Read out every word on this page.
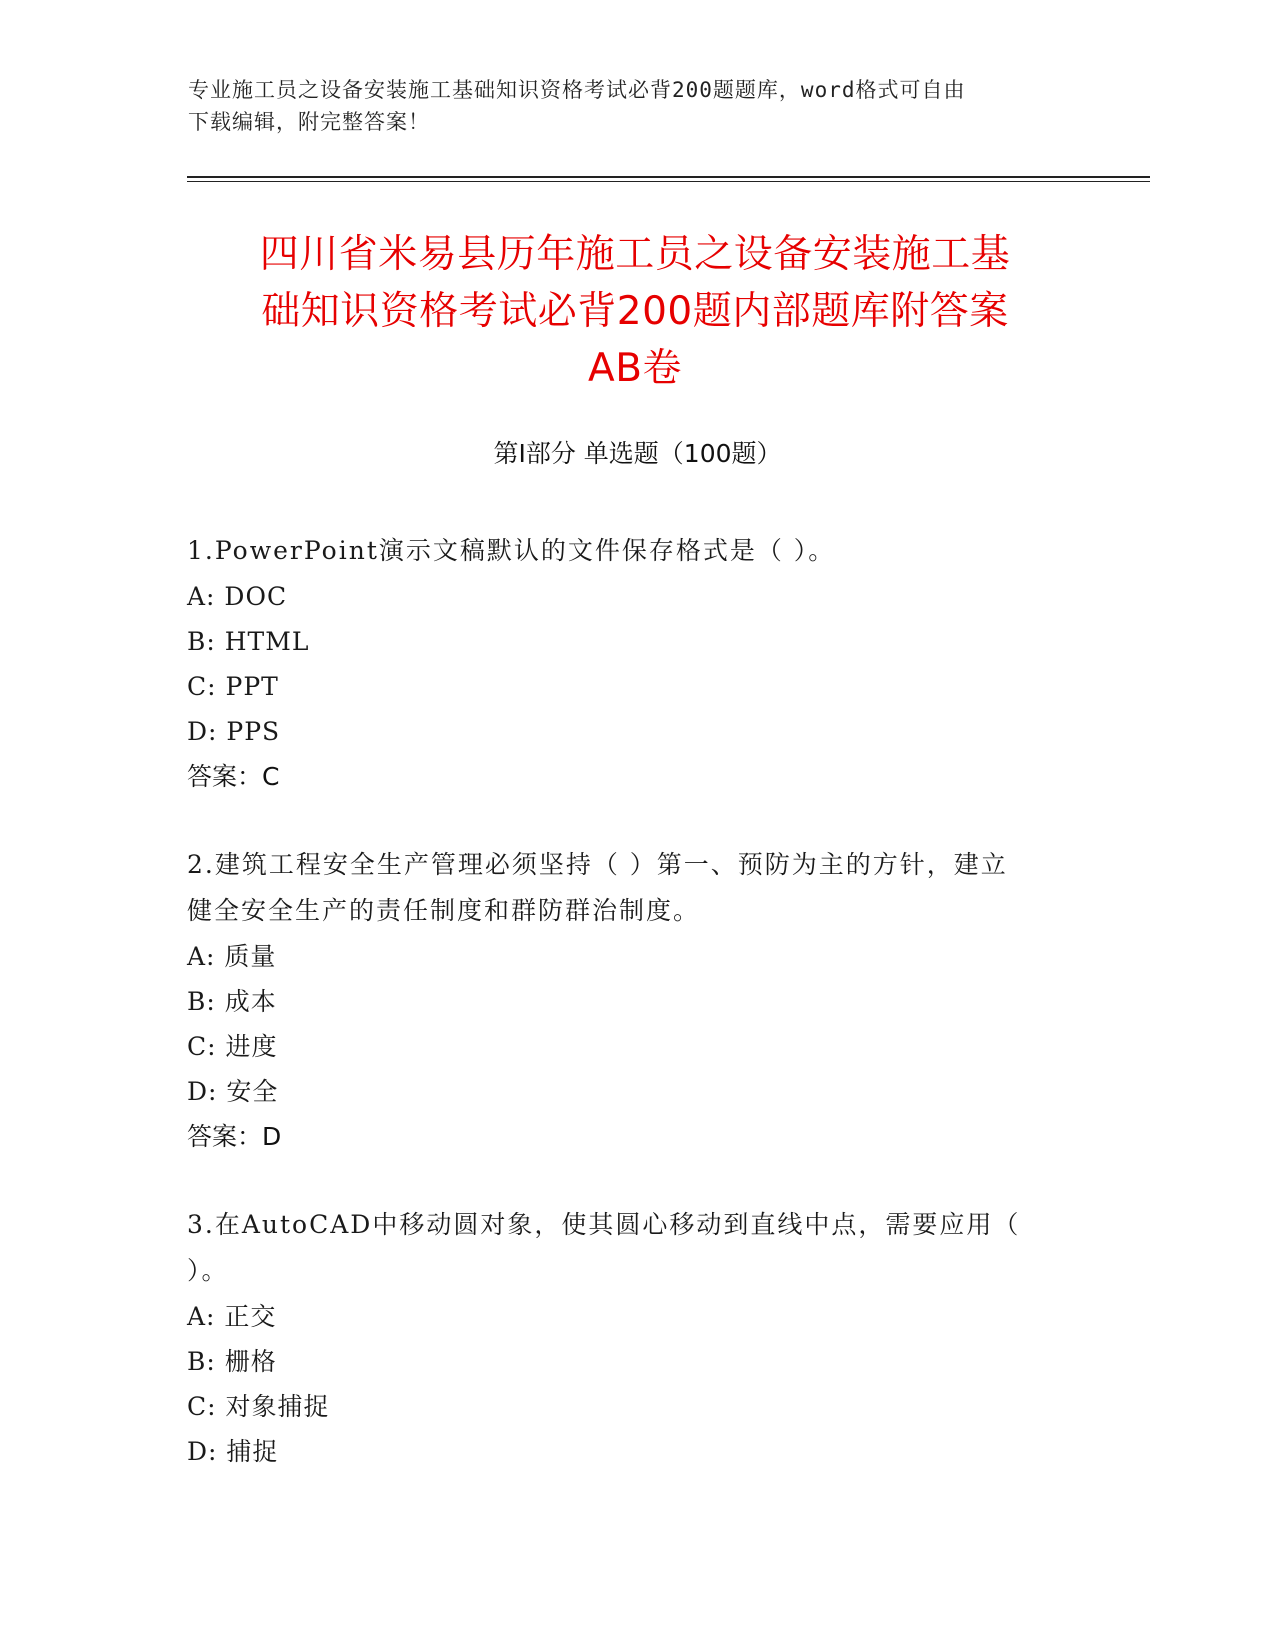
专业施工员之设备安装施工基础知识资格考试必背200题题库，word格式可自由
下载编辑，附完整答案！
四川省米易县历年施工员之设备安装施工基
础知识资格考试必背200题内部题库附答案
AB卷
第Ⅰ部分 单选题（100题）
1.PowerPoint演示文稿默认的文件保存格式是（ ）。
A: DOC
B: HTML
C: PPT
D: PPS
答案：C
2.建筑工程安全生产管理必须坚持（ ）第一、预防为主的方针，建立
健全安全生产的责任制度和群防群治制度。
A: 质量
B: 成本
C: 进度
D: 安全
答案：D
3.在AutoCAD中移动圆对象，使其圆心移动到直线中点，需要应用（
）。
A: 正交
B: 栅格
C: 对象捕捉
D: 捕捉
